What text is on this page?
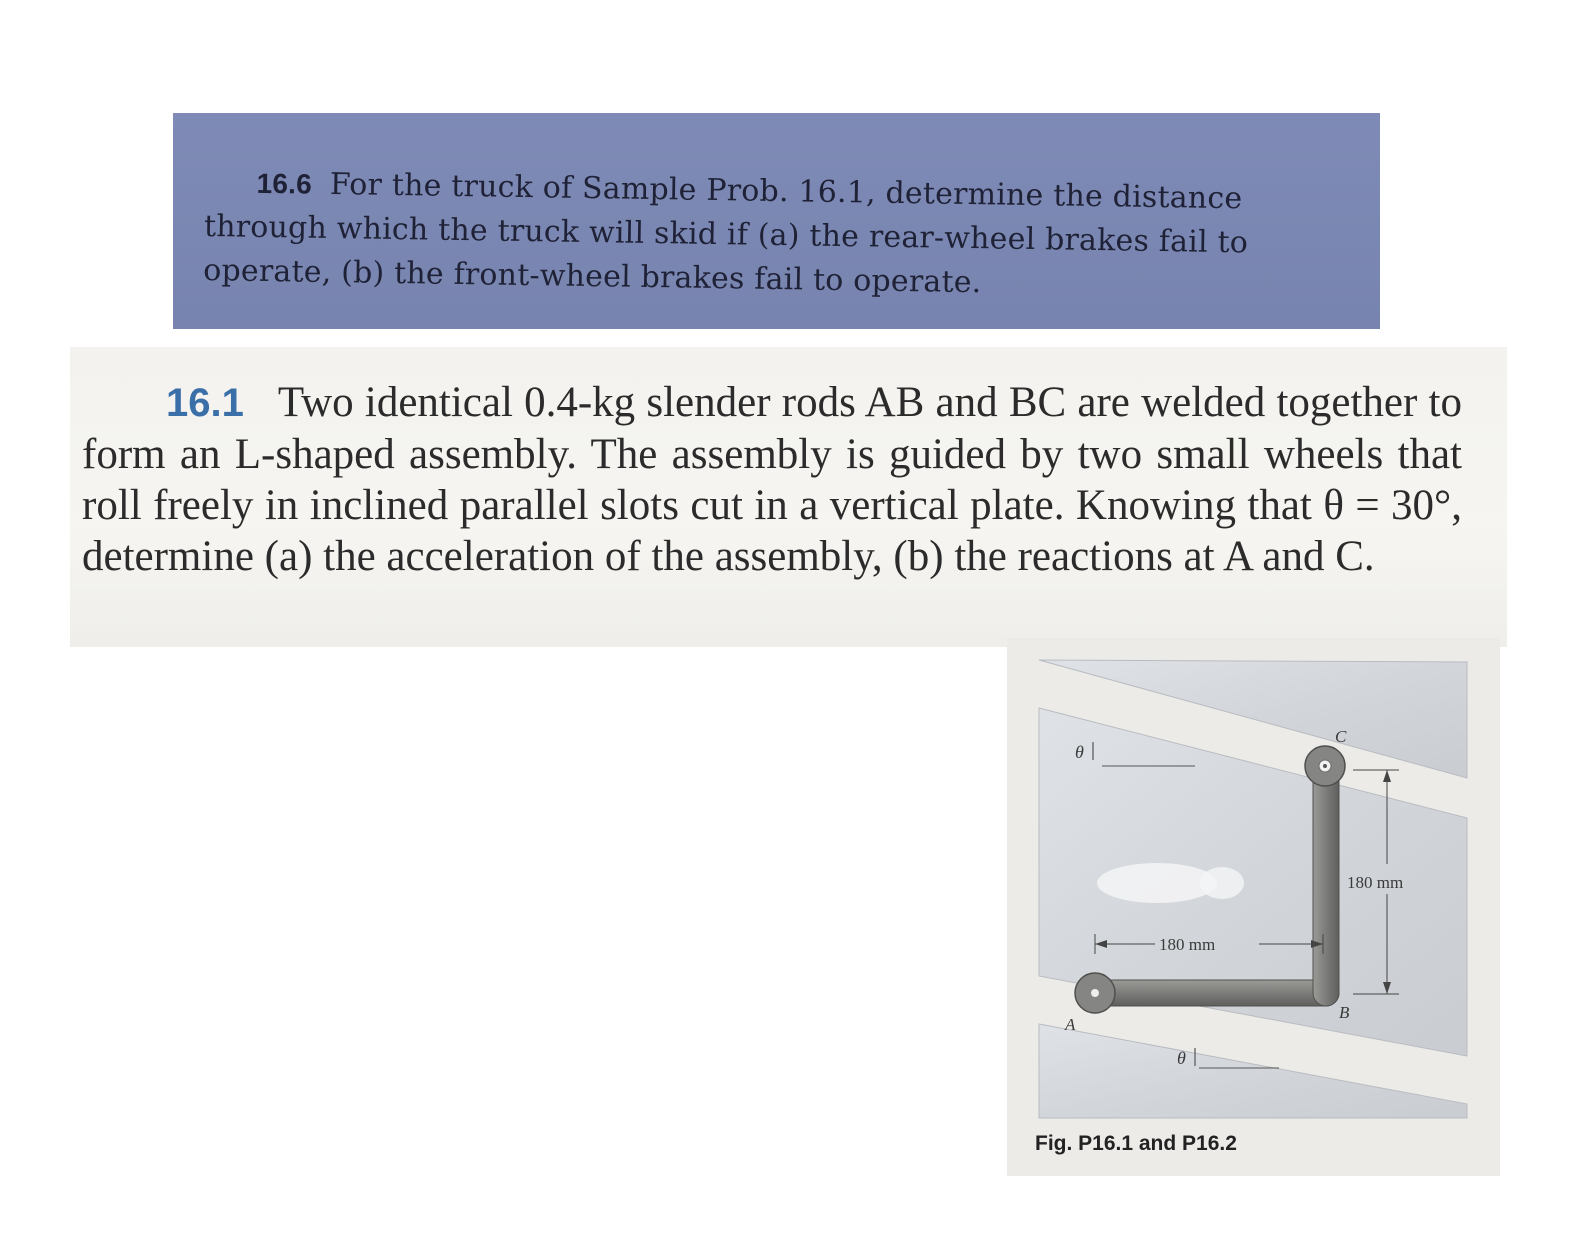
16.6 For the truck of Sample Prob. 16.1, determine the distance through which the truck will skid if (a) the rear-wheel brakes fail to operate, (b) the front-wheel brakes fail to operate.
16.1 Two identical 0.4-kg slender rods AB and BC are welded together to form an L-shaped assembly. The assembly is guided by two small wheels that roll freely in inclined parallel slots cut in a vertical plate. Knowing that θ = 30°, determine (a) the acceleration of the assembly, (b) the reactions at A and C.
θ
θ
180 mm
180 mm
A
B
C
Fig. P16.1 and P16.2
